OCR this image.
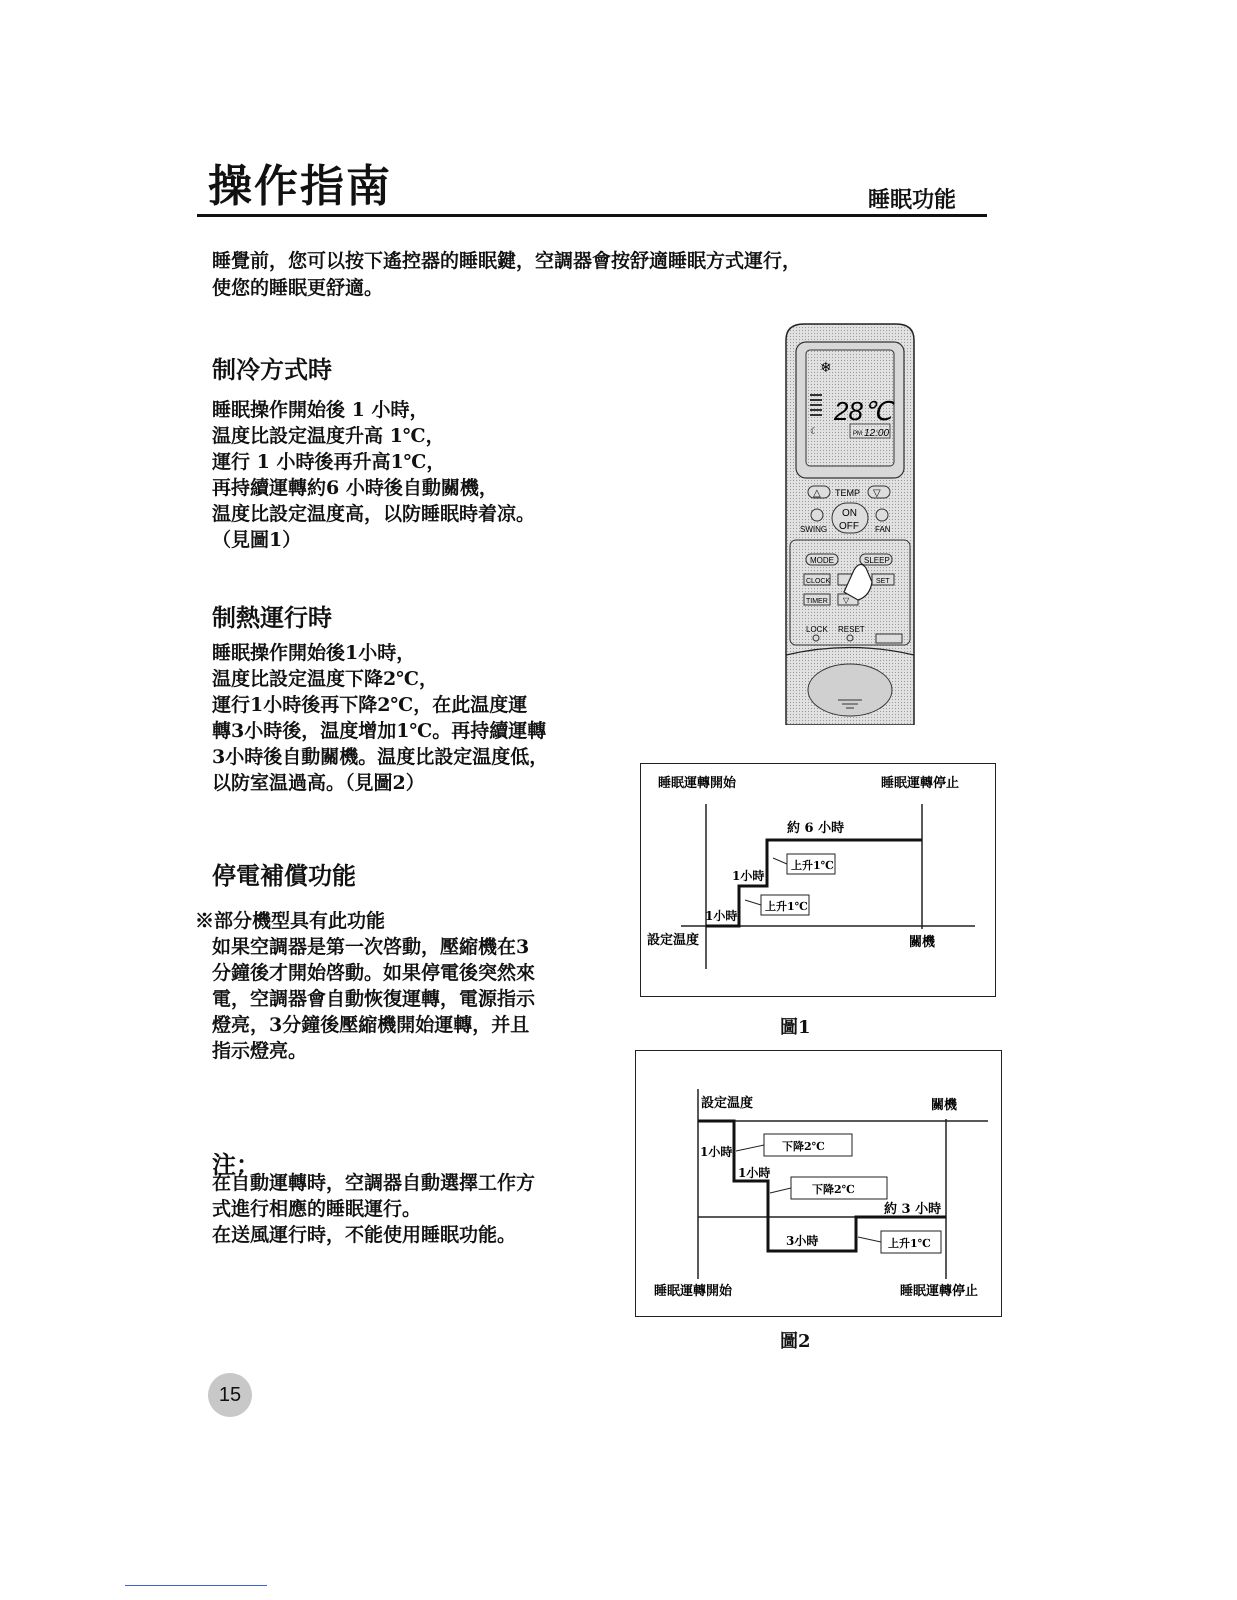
操作指南	睡眠功能
睡覺前，您可以按下遙控器的睡眠鍵，空調器會按舒適睡眠方式運行，
使您的睡眠更舒適。
制冷方式時
睡眠操作開始後 1 小時，
温度比設定温度升高 1℃，
運行 1 小時後再升高1℃，
再持續運轉約6 小時後自動關機，
温度比設定温度高，以防睡眠時着凉。
（見圖1）
制熱運行時
睡眠操作開始後1小時，
温度比設定温度下降2℃，
運行1小時後再下降2℃，在此温度運
轉3小時後，温度增加1℃。再持續運轉
3小時後自動關機。温度比設定温度低，
以防室温過高。（見圖2）
停電補償功能
※部分機型具有此功能
如果空調器是第一次啓動，壓縮機在3
分鐘後才開始啓動。如果停電後突然來
電，空調器會自動恢復運轉，電源指示
燈亮，3分鐘後壓縮機開始運轉，并且
指示燈亮。
注：
在自動運轉時，空調器自動選擇工作方
式進行相應的睡眠運行。
在送風運行時，不能使用睡眠功能。
❄
28℃
☾	PM 12:00
△ TEMP ▽
ON
OFF
SWING	FAN
MODE	SLEEP
CLOCK	SET
TIMER ▽
LOCK RESET
睡眠運轉開始	睡眠運轉停止
約 6 小時
上升1℃
1小時
上升1℃
1小時
設定温度	關機
圖1
設定温度	關機
1小時	下降2℃
1小時
下降2℃
約 3 小時
3小時	上升1℃
睡眠運轉開始	睡眠運轉停止
圖2
15
